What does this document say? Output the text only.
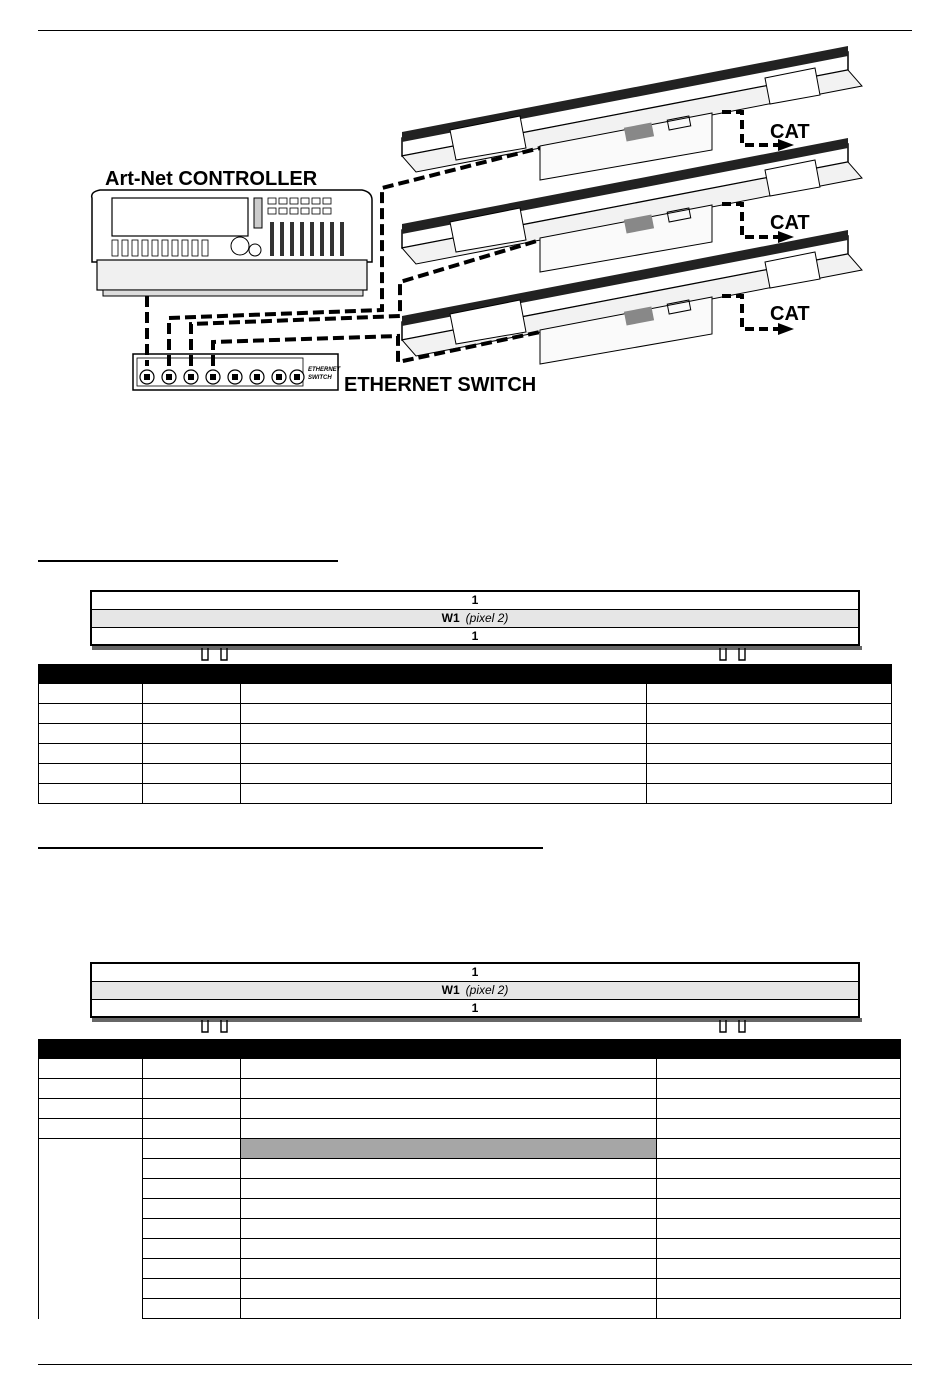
ETHERNET
SWITCH
Art-Net CONTROLLER
ETHERNET SWITCH
CAT
CAT
CAT
1
W1 (pixel 2)
1

1
W1 (pixel 2)
1
